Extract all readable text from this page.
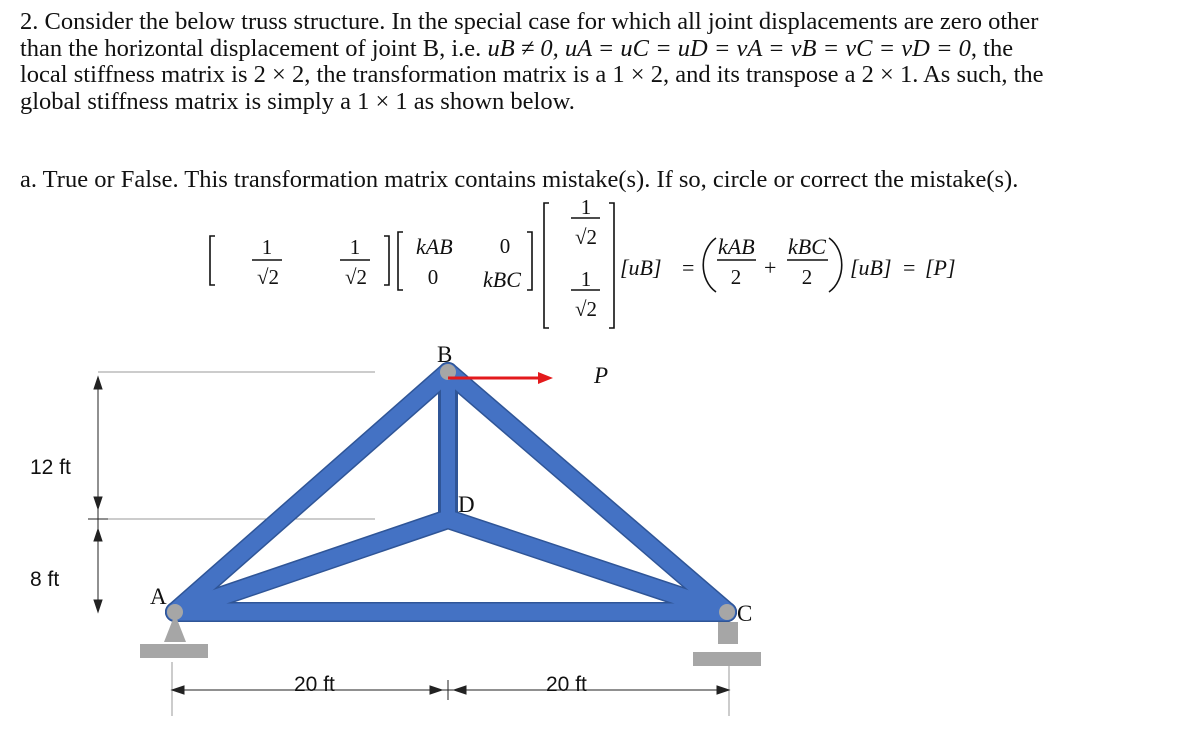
2. Consider the below truss structure. In the special case for which all joint displacements are zero other
than the horizontal displacement of joint B, i.e. uB ≠ 0, uA = uC = uD = vA = vB = vC = vD = 0, the
local stiffness matrix is 2 × 2, the transformation matrix is a 1 × 2, and its transpose a 2 × 1. As such, the
global stiffness matrix is simply a 1 × 1 as shown below.
a. True or False. This transformation matrix contains mistake(s). If so, circle or correct the mistake(s).
1
√2
1
√2
kAB 0
0 kBC
1
√2
1
√2
[uB] =
kAB
2 +
kBC
2 [uB] = [P]
B
P
D
A
C
12 ft
8 ft
20 ft	20 ft
